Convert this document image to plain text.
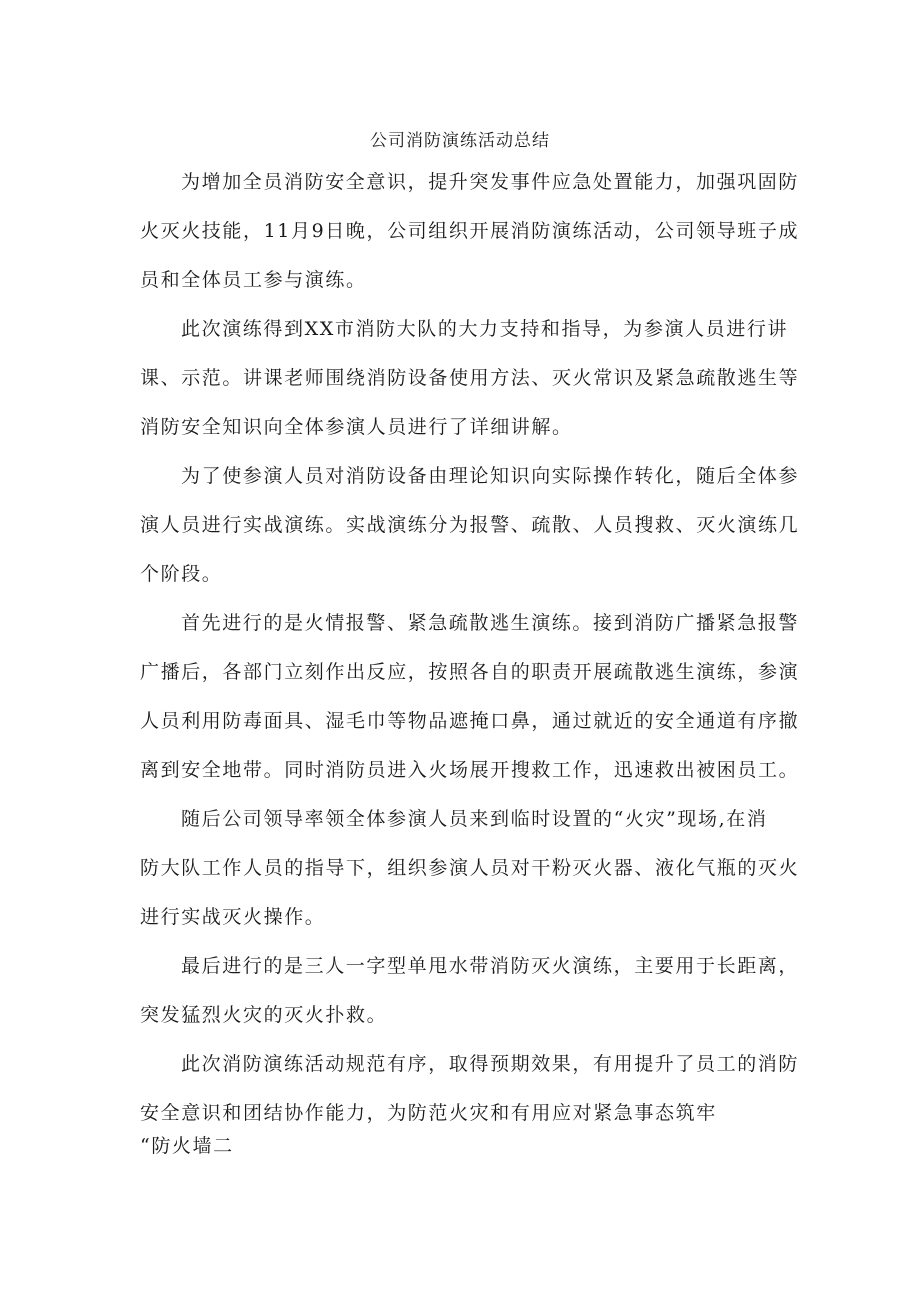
公司消防演练活动总结
为增加全员消防安全意识，提升突发事件应急处置能力，加强巩固防
火灭火技能，11月9日晚，公司组织开展消防演练活动，公司领导班子成
员和全体员工参与演练。
此次演练得到XX市消防大队的大力支持和指导，为参演人员进行讲
课、示范。讲课老师围绕消防设备使用方法、灭火常识及紧急疏散逃生等
消防安全知识向全体参演人员进行了详细讲解。
为了使参演人员对消防设备由理论知识向实际操作转化，随后全体参
演人员进行实战演练。实战演练分为报警、疏散、人员搜救、灭火演练几
个阶段。
首先进行的是火情报警、紧急疏散逃生演练。接到消防广播紧急报警
广播后，各部门立刻作出反应，按照各自的职责开展疏散逃生演练，参演
人员利用防毒面具、湿毛巾等物品遮掩口鼻，通过就近的安全通道有序撤
离到安全地带。同时消防员进入火场展开搜救工作，迅速救出被困员工。
随后公司领导率领全体参演人员来到临时设置的“火灾”现场,在消
防大队工作人员的指导下，组织参演人员对干粉灭火器、液化气瓶的灭火
进行实战灭火操作。
最后进行的是三人一字型单甩水带消防灭火演练，主要用于长距离，
突发猛烈火灾的灭火扑救。
此次消防演练活动规范有序，取得预期效果，有用提升了员工的消防
安全意识和团结协作能力，为防范火灾和有用应对紧急事态筑牢
“防火墙二
